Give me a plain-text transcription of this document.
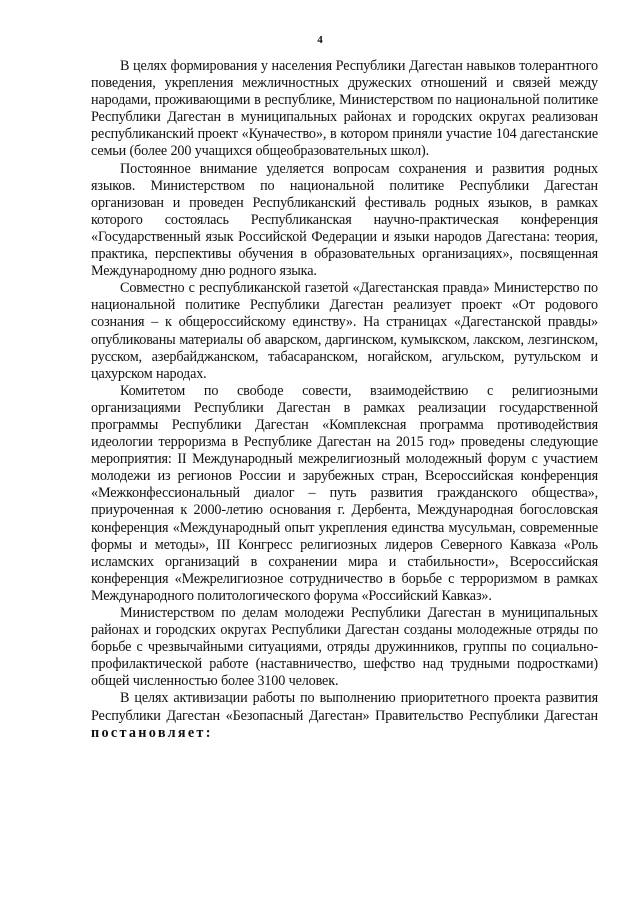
4

В целях формирования у населения Республики Дагестан навыков толерантного поведения, укрепления межличностных дружеских отношений и связей между народами, проживающими в республике, Министерством по национальной политике Республики Дагестан в муниципальных районах и городских округах реализован республиканский проект «Куначество», в котором приняли участие 104 дагестанские семьи (более 200 учащихся общеобразовательных школ).

Постоянное внимание уделяется вопросам сохранения и развития родных языков. Министерством по национальной политике Республики Дагестан организован и проведен Республиканский фестиваль родных языков, в рамках которого состоялась Республиканская научно-практическая конференция «Государственный язык Российской Федерации и языки народов Дагестана: теория, практика, перспективы обучения в образовательных организациях», посвященная Международному дню родного языка.

Совместно с республиканской газетой «Дагестанская правда» Министерство по национальной политике Республики Дагестан реализует проект «От родового сознания – к общероссийскому единству». На страницах «Дагестанской правды» опубликованы материалы об аварском, даргинском, кумыкском, лакском, лезгинском, русском, азербайджанском, табасаранском, ногайском, агульском, рутульском и цахурском народах.

Комитетом по свободе совести, взаимодействию с религиозными организациями Республики Дагестан в рамках реализации государственной программы Республики Дагестан «Комплексная программа противодействия идеологии терроризма в Республике Дагестан на 2015 год» проведены следующие мероприятия: II Международный межрелигиозный молодежный форум с участием молодежи из регионов России и зарубежных стран, Всероссийская конференция «Межконфессиональный диалог – путь развития гражданского общества», приуроченная к 2000-летию основания г. Дербента, Международная богословская конференция «Международный опыт укрепления единства мусульман, современные формы и методы», III Конгресс религиозных лидеров Северного Кавказа «Роль исламских организаций в сохранении мира и стабильности», Всероссийская конференция «Межрелигиозное сотрудничество в борьбе с терроризмом в рамках Международного политологического форума «Российский Кавказ».

Министерством по делам молодежи Республики Дагестан в муниципальных районах и городских округах Республики Дагестан созданы молодежные отряды по борьбе с чрезвычайными ситуациями, отряды дружинников, группы по социально-профилактической работе (наставничество, шефство над трудными подростками) общей численностью более 3100 человек.

В целях активизации работы по выполнению приоритетного проекта развития Республики Дагестан «Безопасный Дагестан» Правительство Республики Дагестан постановляет:
